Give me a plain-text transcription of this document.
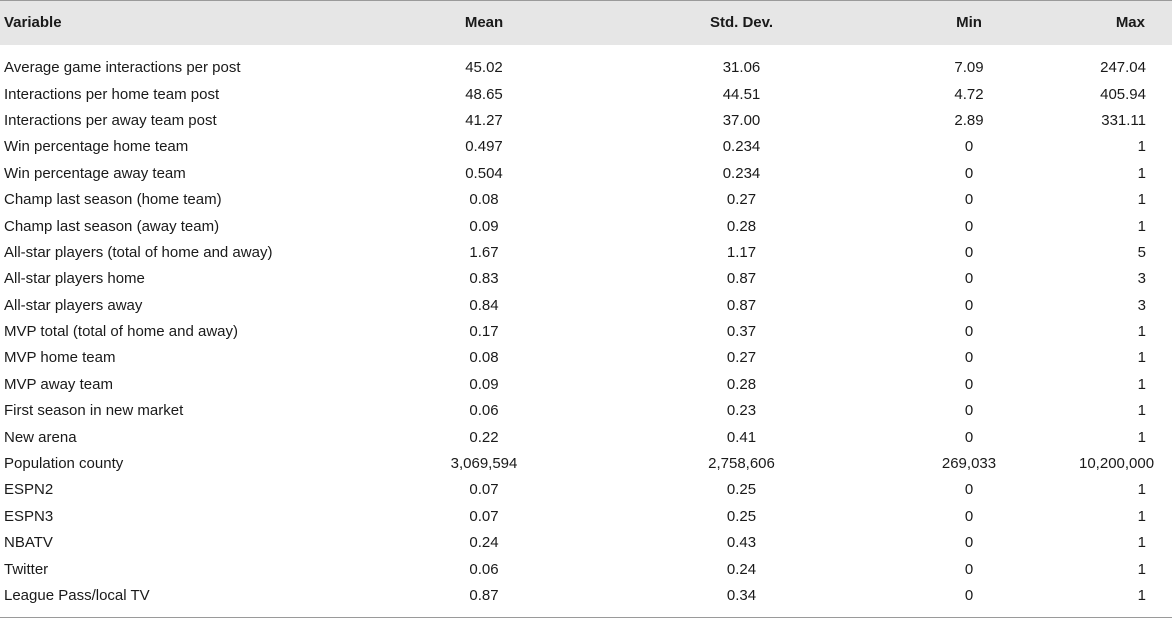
Variable	Mean	Std. Dev.	Min	Max

Average game interactions per post	45.02	31.06	7.09	247.04
Interactions per home team post	48.65	44.51	4.72	405.94
Interactions per away team post	41.27	37.00	2.89	331.11
Win percentage home team	0.497	0.234	0	1
Win percentage away team	0.504	0.234	0	1
Champ last season (home team)	0.08	0.27	0	1
Champ last season (away team)	0.09	0.28	0	1
All-star players (total of home and away)	1.67	1.17	0	5
All-star players home	0.83	0.87	0	3
All-star players away	0.84	0.87	0	3
MVP total (total of home and away)	0.17	0.37	0	1
MVP home team	0.08	0.27	0	1
MVP away team	0.09	0.28	0	1
First season in new market	0.06	0.23	0	1
New arena	0.22	0.41	0	1
Population county	3,069,594	2,758,606	269,033	10,200,000
ESPN2	0.07	0.25	0	1
ESPN3	0.07	0.25	0	1
NBATV	0.24	0.43	0	1
Twitter	0.06	0.24	0	1
League Pass/local TV	0.87	0.34	0	1
